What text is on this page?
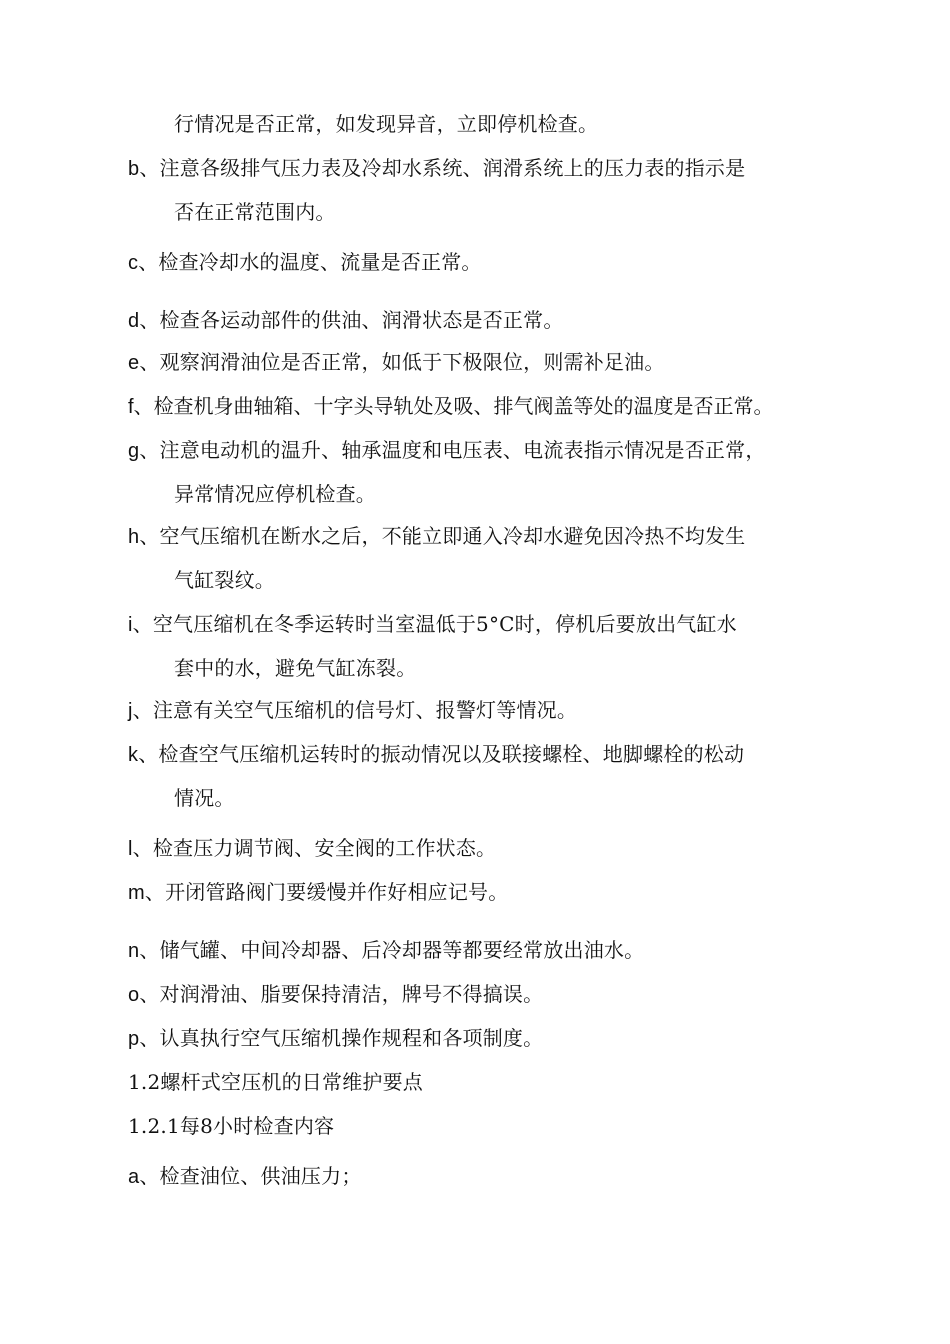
行情况是否正常，如发现异音，立即停机检查。
b、注意各级排气压力表及冷却水系统、润滑系统上的压力表的指示是
否在正常范围内。
c、检查冷却水的温度、流量是否正常。
d、检查各运动部件的供油、润滑状态是否正常。
e、观察润滑油位是否正常，如低于下极限位，则需补足油。
f、检查机身曲轴箱、十字头导轨处及吸、排气阀盖等处的温度是否正常。
g、注意电动机的温升、轴承温度和电压表、电流表指示情况是否正常，
异常情况应停机检查。
h、空气压缩机在断水之后，不能立即通入冷却水避免因冷热不均发生
气缸裂纹。
i、空气压缩机在冬季运转时当室温低于5°C时，停机后要放出气缸水
套中的水，避免气缸冻裂。
j、注意有关空气压缩机的信号灯、报警灯等情况。
k、检查空气压缩机运转时的振动情况以及联接螺栓、地脚螺栓的松动
情况。
l、检查压力调节阀、安全阀的工作状态。
m、开闭管路阀门要缓慢并作好相应记号。
n、储气罐、中间冷却器、后冷却器等都要经常放出油水。
o、对润滑油、脂要保持清洁，牌号不得搞误。
p、认真执行空气压缩机操作规程和各项制度。
1.2螺杆式空压机的日常维护要点
1.2.1每8小时检查内容
a、检查油位、供油压力；
